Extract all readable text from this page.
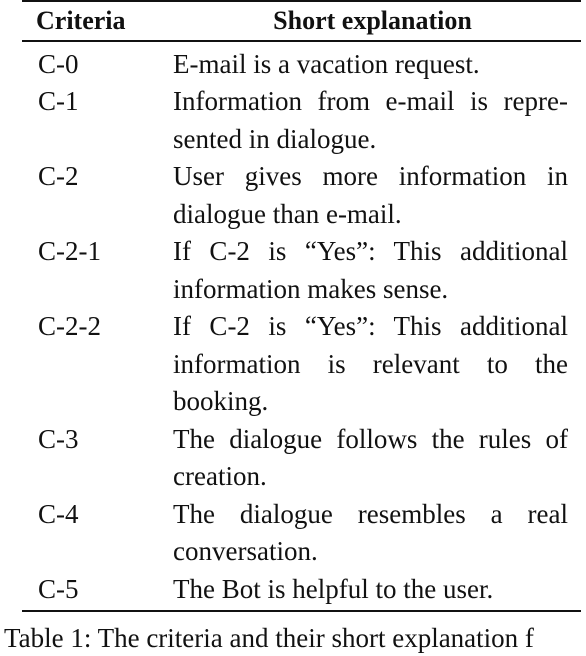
Criteria	Short explanation
C-0	E-mail is a vacation request.
C-1	Information from e-mail is repre-
sented in dialogue.
C-2	User gives more information in
dialogue than e-mail.
C-2-1	If C-2 is “Yes”: This additional
information makes sense.
C-2-2	If C-2 is “Yes”: This additional
information is relevant to the
booking.
C-3	The dialogue follows the rules of
creation.
C-4	The dialogue resembles a real
conversation.
C-5	The Bot is helpful to the user.
Table 1: The criteria and their short explanation f
